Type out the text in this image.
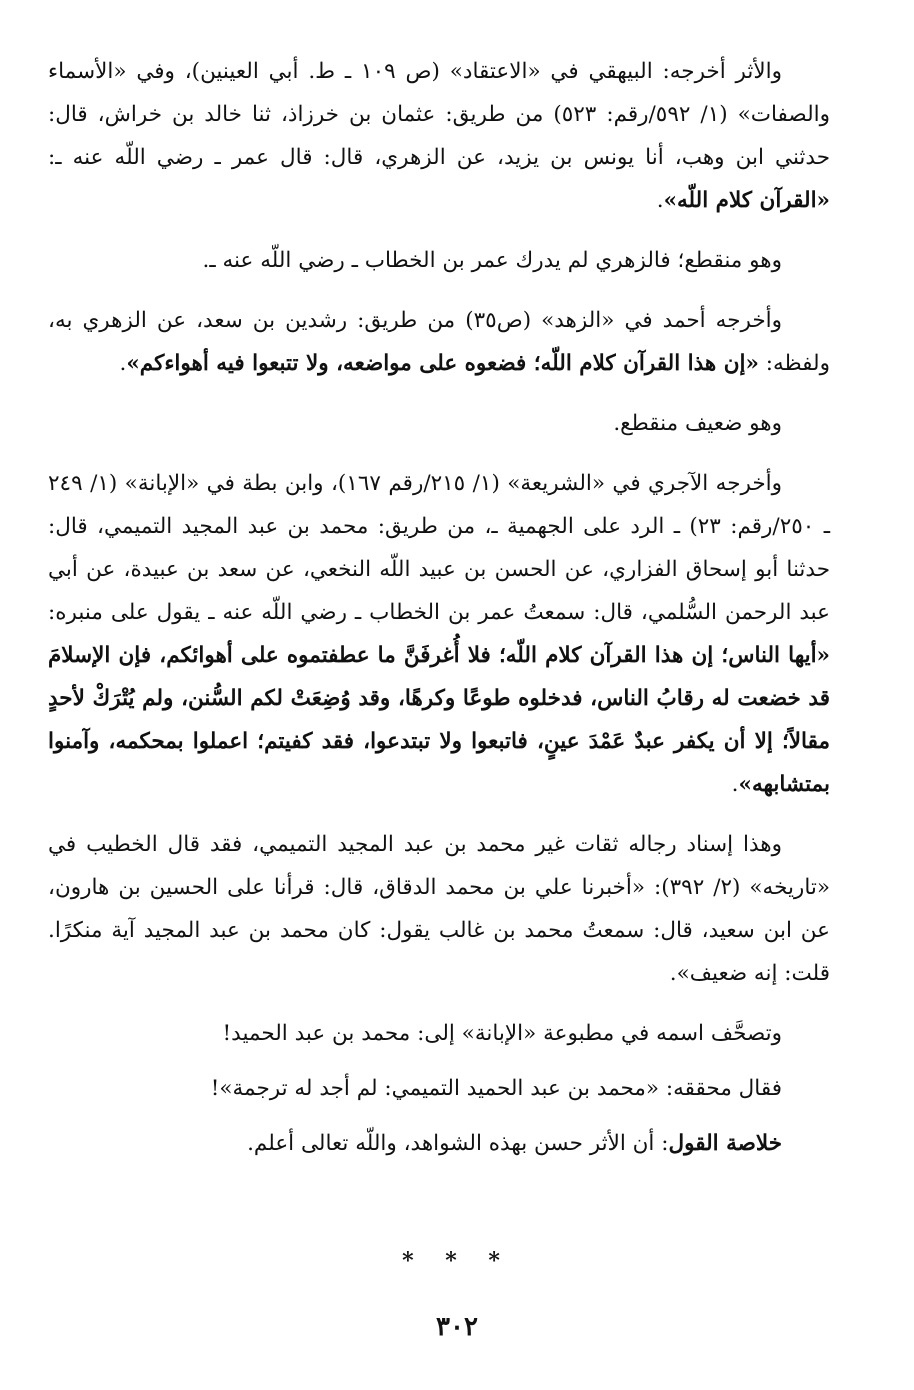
والأثر أخرجه: البيهقي في «الاعتقاد» (ص ١٠٩ ـ ط. أبي العينين)، وفي «الأسماء والصفات» (١/ ٥٩٢/رقم: ٥٢٣) من طريق: عثمان بن خرزاذ، ثنا خالد بن خراش، قال: حدثني ابن وهب، أنا يونس بن يزيد، عن الزهري، قال: قال عمر ـ رضي اللّه عنه ـ: «القرآن كلام اللّه».

وهو منقطع؛ فالزهري لم يدرك عمر بن الخطاب ـ رضي اللّه عنه ـ.

وأخرجه أحمد في «الزهد» (ص٣٥) من طريق: رشدين بن سعد، عن الزهري به، ولفظه: «إن هذا القرآن كلام اللّه؛ فضعوه على مواضعه، ولا تتبعوا فيه أهواءكم».

وهو ضعيف منقطع.

وأخرجه الآجري في «الشريعة» (١/ ٢١٥/رقم ١٦٧)، وابن بطة في «الإبانة» (١/ ٢٤٩ ـ ٢٥٠/رقم: ٢٣) ـ الرد على الجهمية ـ، من طريق: محمد بن عبد المجيد التميمي، قال: حدثنا أبو إسحاق الفزاري، عن الحسن بن عبيد اللّه النخعي، عن سعد بن عبيدة، عن أبي عبد الرحمن السُّلمي، قال: سمعتُ عمر بن الخطاب ـ رضي اللّه عنه ـ يقول على منبره: «أيها الناس؛ إن هذا القرآن كلام اللّه؛ فلا أُغرفَنَّ ما عطفتموه على أهوائكم، فإن الإسلامَ قد خضعت له رقابُ الناس، فدخلوه طوعًا وكرهًا، وقد وُضِعَتْ لكم السُّنن، ولم يُتْرَكْ لأحدٍ مقالاً؛ إلا أن يكفر عبدٌ عَمْدَ عينٍ، فاتبعوا ولا تبتدعوا، فقد كفيتم؛ اعملوا بمحكمه، وآمنوا بمتشابهه».

وهذا إسناد رجاله ثقات غير محمد بن عبد المجيد التميمي، فقد قال الخطيب في «تاريخه» (٢/ ٣٩٢): «أخبرنا علي بن محمد الدقاق، قال: قرأنا على الحسين بن هارون، عن ابن سعيد، قال: سمعتُ محمد بن غالب يقول: كان محمد بن عبد المجيد آية منكرًا. قلت: إنه ضعيف».

وتصحَّف اسمه في مطبوعة «الإبانة» إلى: محمد بن عبد الحميد!

فقال محققه: «محمد بن عبد الحميد التميمي: لم أجد له ترجمة»!

خلاصة القول: أن الأثر حسن بهذه الشواهد، واللّه تعالى أعلم.

* * *
٣٠٢
